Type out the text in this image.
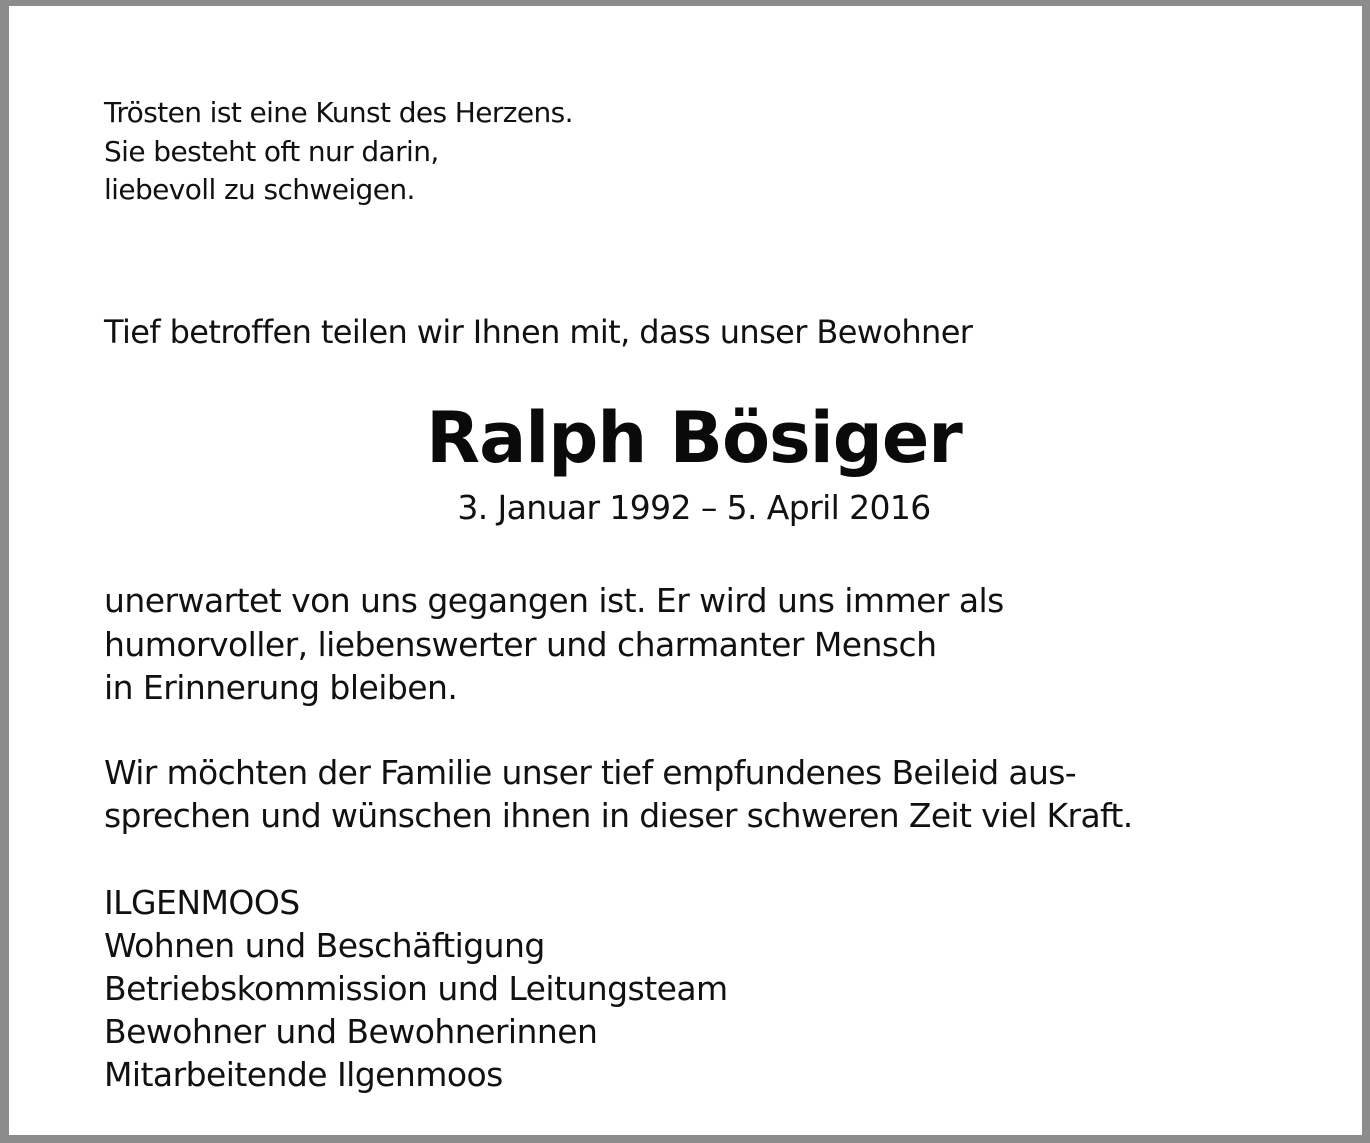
Trösten ist eine Kunst des Herzens.
Sie besteht oft nur darin,
liebevoll zu schweigen.

Tief betroffen teilen wir Ihnen mit, dass unser Bewohner

Ralph Bösiger

3. Januar 1992 – 5. April 2016

unerwartet von uns gegangen ist. Er wird uns immer als
humorvoller, liebenswerter und charmanter Mensch
in Erinnerung bleiben.

Wir möchten der Familie unser tief empfundenes Beileid aus-
sprechen und wünschen ihnen in dieser schweren Zeit viel Kraft.

ILGENMOOS
Wohnen und Beschäftigung
Betriebskommission und Leitungsteam
Bewohner und Bewohnerinnen
Mitarbeitende Ilgenmoos
